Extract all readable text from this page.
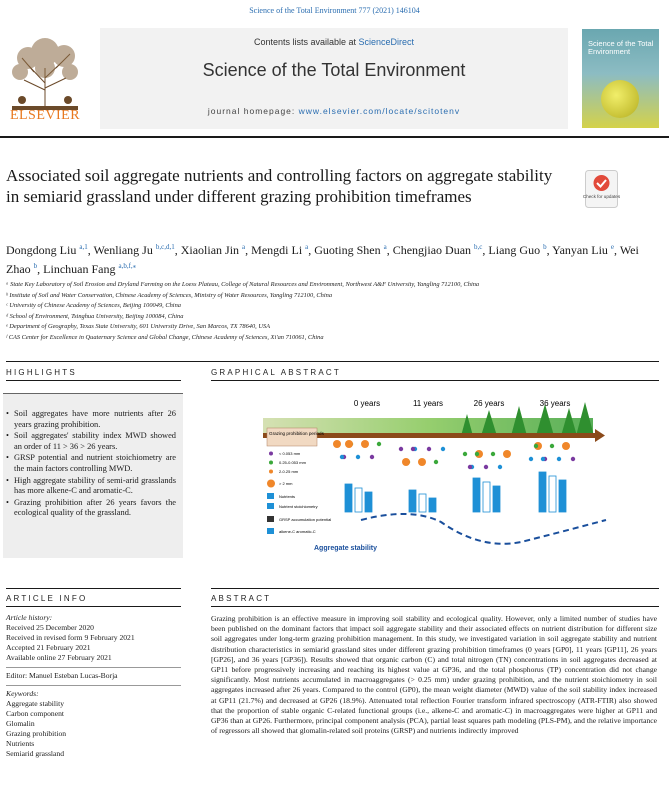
Science of the Total Environment 777 (2021) 146104
ELSEVIER
Contents lists available at ScienceDirect
Science of the Total Environment
journal homepage: www.elsevier.com/locate/scitotenv
Science of the Total Environment
Associated soil aggregate nutrients and controlling factors on aggregate stability in semiarid grassland under different grazing prohibition timeframes	Check for updates
Dongdong Liu $^{a,1}$, Wenliang Ju $^{b,c,d,1}$, Xiaolian Jin $^a$, Mengdi Li $^a$, Guoting Shen $^a$, Chengjiao Duan $^{b,c}$, Liang Guo $^b$, Yanyan Liu $^e$, Wei Zhao $^b$, Linchuan Fang $^{a,b,f,⁎}$
ᵃ State Key Laboratory of Soil Erosion and Dryland Farming on the Loess Plateau, College of Natural Resources and Environment, Northwest A&F University, Yangling 712100, China
ᵇ Institute of Soil and Water Conservation, Chinese Academy of Sciences, Ministry of Water Resources, Yangling 712100, China
ᶜ University of Chinese Academy of Sciences, Beijing 100049, China
ᵈ School of Environment, Tsinghua University, Beijing 100084, China
ᵉ Department of Geography, Texas State University, 601 University Drive, San Marcos, TX 78640, USA
ᶠ CAS Center for Excellence in Quaternary Science and Global Change, Chinese Academy of Sciences, Xi'an 710061, China
HIGHLIGHTS	GRAPHICAL ABSTRACT
• Soil aggregates have more nutrients after 26 years grazing prohibition.
• Soil aggregates' stability index MWD showed an order of 11 > 36 > 26 years.
• GRSP potential and nutrient stoichiometry are the main factors controlling MWD.
• High aggregate stability of semi-arid grasslands has more alkene-C and aromatic-C.
• Grazing prohibition after 26 years favors the ecological quality of the grassland.
0 years	11 years	26 years	36 years
Grazing prohibition periods
< 0.053 mm
0.25-0.053 mm
2-0.25 mm
> 2 mm
Nutrients
Nutrient stoichiometry
GRSP accumulation potential
alkene-C aromatic-C
Aggregate stability
ARTICLE INFO	ABSTRACT
Article history:
Received 25 December 2020
Received in revised form 9 February 2021
Accepted 21 February 2021
Available online 27 February 2021
Editor: Manuel Esteban Lucas-Borja
Keywords:
Aggregate stability
Carbon component
Glomalin
Grazing prohibition
Nutrients
Semiarid grassland
Grazing prohibition is an effective measure in improving soil stability and ecological quality. However, only a limited number of studies have been published on the dominant factors that impact soil aggregate stability and their associated effects on nutrient distribution for different size soil aggregates under long-term grazing prohibition management. In this study, we investigated variation in soil aggregate stability and nutrient distribution characteristics in semiarid grassland sites under different grazing prohibition timeframes (0 years [GP0], 11 years [GP11], 26 years [GP26], and 36 years [GP36]). Results showed that organic carbon (C) and total nitrogen (TN) concentrations in soil aggregates decreased at GP11 before progressively increasing and reaching its highest value at GP36, and the total phosphorus (TP) concentration did not change significantly. Most nutrients accumulated in macroaggregates (> 0.25 mm) under grazing prohibition, and the nutrient stoichiometry in soil aggregates increased after 26 years. Compared to the control (GP0), the mean weight diameter (MWD) value of the soil stability index increased at GP11 (21.7%) and decreased at GP26 (18.9%). Attenuated total reflection Fourier transform infrared spectroscopy (ATR-FTIR) also showed that the proportion of stable organic C-related functional groups (i.e., alkene-C and aromatic-C) in macroaggregates were higher at GP11 and GP36 than at GP26. Furthermore, principal component analysis (PCA), partial least squares path modeling (PLS-PM), and the relative importance of regressors all showed that glomalin-related soil proteins (GRSP) and nutrients indirectly improved
